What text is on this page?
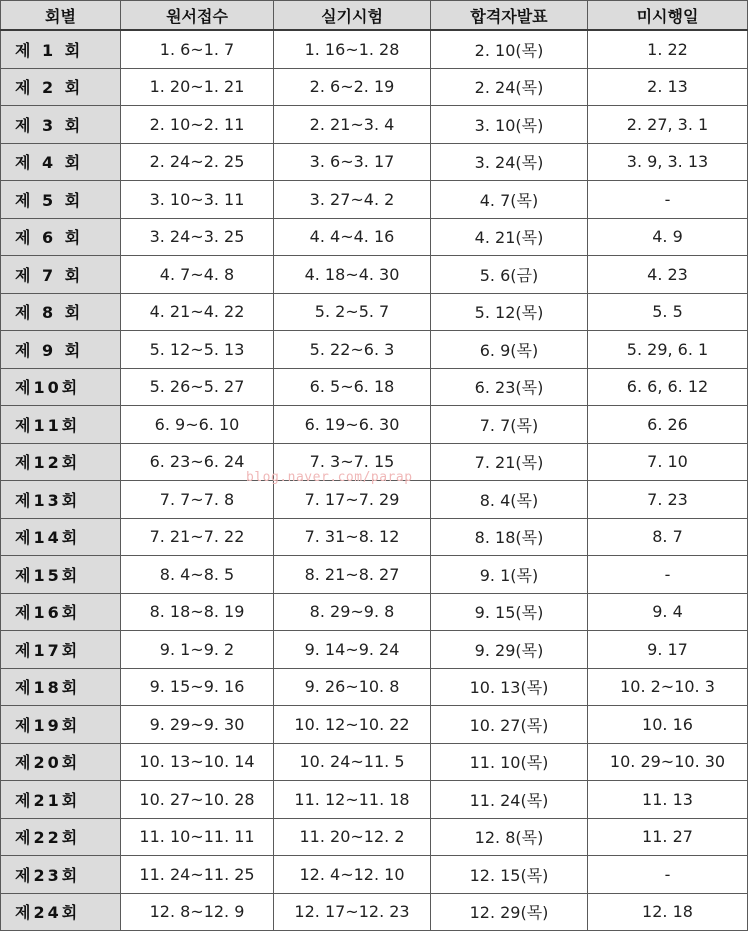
회별	원서접수	실기시험	합격자발표	미시행일
제 1 회	1. 6~1. 7	1. 16~1. 28	2. 10(목)	1. 22
제 2 회	1. 20~1. 21	2. 6~2. 19	2. 24(목)	2. 13
제 3 회	2. 10~2. 11	2. 21~3. 4	3. 10(목)	2. 27, 3. 1
제 4 회	2. 24~2. 25	3. 6~3. 17	3. 24(목)	3. 9, 3. 13
제 5 회	3. 10~3. 11	3. 27~4. 2	4. 7(목)	-
제 6 회	3. 24~3. 25	4. 4~4. 16	4. 21(목)	4. 9
제 7 회	4. 7~4. 8	4. 18~4. 30	5. 6(금)	4. 23
제 8 회	4. 21~4. 22	5. 2~5. 7	5. 12(목)	5. 5
제 9 회	5. 12~5. 13	5. 22~6. 3	6. 9(목)	5. 29, 6. 1
제10회	5. 26~5. 27	6. 5~6. 18	6. 23(목)	6. 6, 6. 12
제11회	6. 9~6. 10	6. 19~6. 30	7. 7(목)	6. 26
제12회	6. 23~6. 24	7. 3~7. 15	7. 21(목)	7. 10
제13회	7. 7~7. 8	7. 17~7. 29	8. 4(목)	7. 23
제14회	7. 21~7. 22	7. 31~8. 12	8. 18(목)	8. 7
제15회	8. 4~8. 5	8. 21~8. 27	9. 1(목)	-
제16회	8. 18~8. 19	8. 29~9. 8	9. 15(목)	9. 4
제17회	9. 1~9. 2	9. 14~9. 24	9. 29(목)	9. 17
제18회	9. 15~9. 16	9. 26~10. 8	10. 13(목)	10. 2~10. 3
제19회	9. 29~9. 30	10. 12~10. 22	10. 27(목)	10. 16
제20회	10. 13~10. 14	10. 24~11. 5	11. 10(목)	10. 29~10. 30
제21회	10. 27~10. 28	11. 12~11. 18	11. 24(목)	11. 13
제22회	11. 10~11. 11	11. 20~12. 2	12. 8(목)	11. 27
제23회	11. 24~11. 25	12. 4~12. 10	12. 15(목)	-
제24회	12. 8~12. 9	12. 17~12. 23	12. 29(목)	12. 18
blog.naver.com/parap
